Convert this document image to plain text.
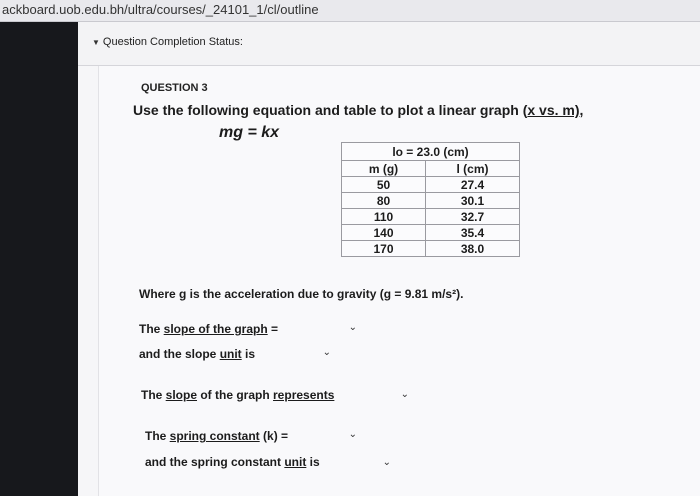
ackboard.uob.edu.bh/ultra/courses/_24101_1/cl/outline
▼ Question Completion Status:
QUESTION 3
Use the following equation and table to plot a linear graph (x vs. m),
mg = kx
lo = 23.0 (cm)	
m (g)	l (cm)
50	27.4
80	30.1
110	32.7
140	35.4
170	38.0
Where g is the acceleration due to gravity (g = 9.81 m/s²).
The slope of the graph =	⌄
and the slope unit is	⌄
The slope of the graph represents	⌄
The spring constant (k) =	⌄
and the spring constant unit is	⌄
